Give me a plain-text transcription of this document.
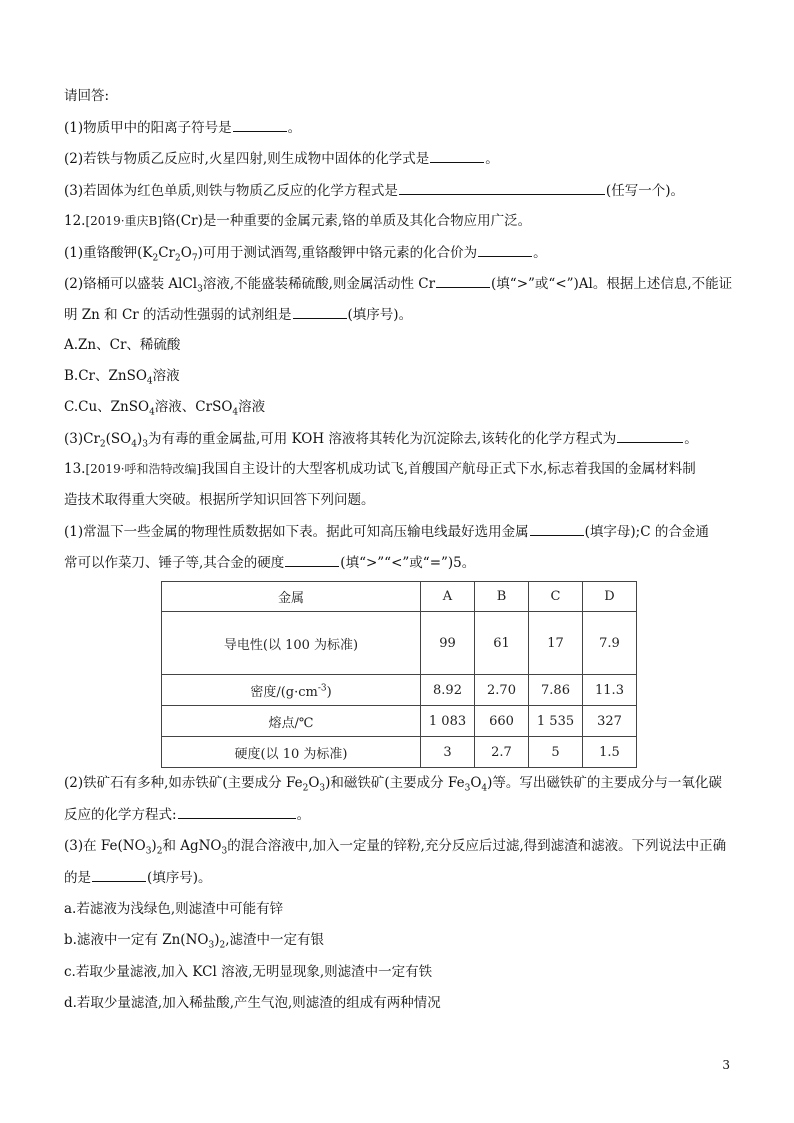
请回答:
(1)物质甲中的阳离子符号是	。
(2)若铁与物质乙反应时,火星四射,则生成物中固体的化学式是	。
(3)若固体为红色单质,则铁与物质乙反应的化学方程式是	(任写一个)。
12.[2019·重庆B]铬(Cr)是一种重要的金属元素,铬的单质及其化合物应用广泛。
(1)重铬酸钾$(K_2Cr_2O_7)$可用于测试酒驾,重铬酸钾中铬元素的化合价为	。
(2)铬桶可以盛装 AlCl$_3$溶液,不能盛装稀硫酸,则金属活动性 Cr	(填“>”或“<”)Al。根据上述信息,不能证
明 Zn 和 Cr 的活动性强弱的试剂组是	(填序号)。
A.Zn、Cr、稀硫酸
B.Cr、ZnSO$_4$溶液
C.Cu、ZnSO$_4$溶液、CrSO$_4$溶液
$(3)Cr_2(SO_4)_3$为有毒的重金属盐,可用 KOH 溶液将其转化为沉淀除去,该转化的化学方程式为	。
13.[2019·呼和浩特改编]我国自主设计的大型客机成功试飞,首艘国产航母正式下水,标志着我国的金属材料制
造技术取得重大突破。根据所学知识回答下列问题。
(1)常温下一些金属的物理性质数据如下表。据此可知高压输电线最好选用金属	(填字母);C 的合金通
常可以作菜刀、锤子等,其合金的硬度	(填“>”“<”或“=”)5。
金属	A	B	C	D
导电性(以 100 为标准)	99	61	17	7.9
密度$/(g\cdot cm^{-3})$	8.92	2.70	7.86	11.3
熔点/℃	1 083	660	1 535	327
硬度(以 10 为标准)	3	2.7	5	1.5
(2)铁矿石有多种,如赤铁矿(主要成分 $Fe_2O_3$)和磁铁矿(主要成分 $Fe_3O_4$)等。写出磁铁矿的主要成分与一氧化碳
反应的化学方程式:	。
(3)在 $Fe(NO_3)_2$和 AgNO$_3$的混合溶液中,加入一定量的锌粉,充分反应后过滤,得到滤渣和滤液。下列说法中正确
的是	(填序号)。
a.若滤液为浅绿色,则滤渣中可能有锌
b.滤液中一定有 $Zn(NO_3)_2$,滤渣中一定有银
c.若取少量滤液,加入 KCl 溶液,无明显现象,则滤渣中一定有铁
d.若取少量滤渣,加入稀盐酸,产生气泡,则滤渣的组成有两种情况
3
